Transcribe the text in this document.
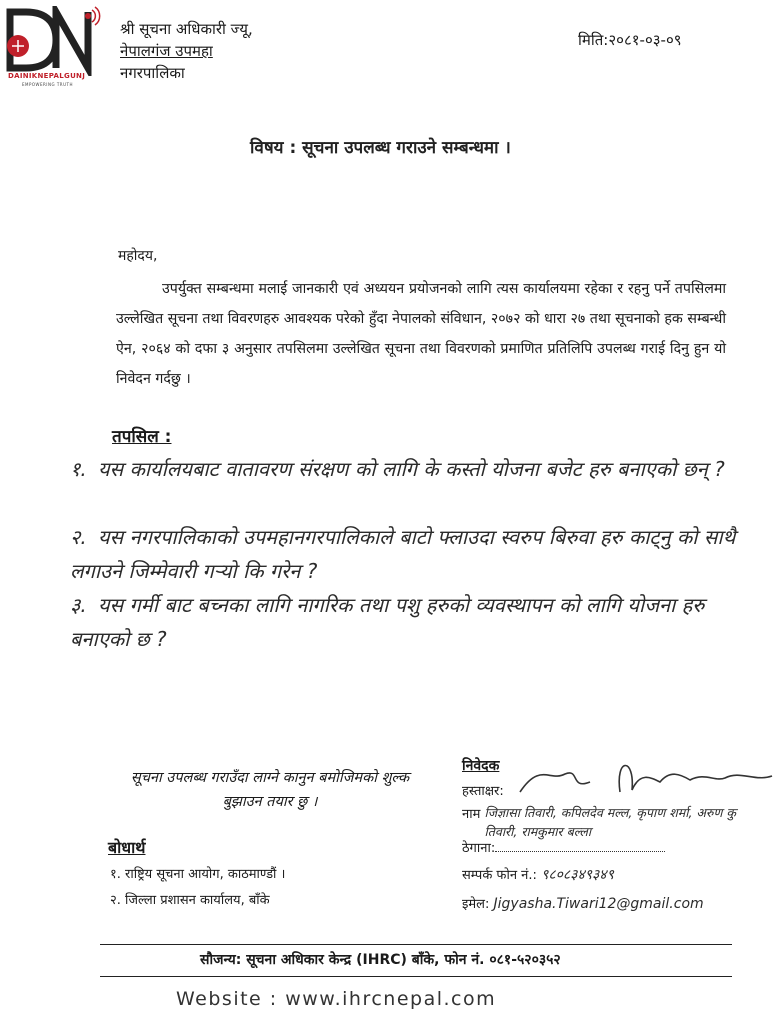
DAINIKNEPALGUNJ
EMPOWERING TRUTH
श्री सूचना अधिकारी ज्यू,
नेपालगंज उपमहा
नगरपालिका
मिति:२०८१-०३-०९
विषय : सूचना उपलब्ध गराउने सम्बन्धमा ।
महोदय,
उपर्युक्त सम्बन्धमा मलाई जानकारी एवं अध्ययन प्रयोजनको लागि त्यस कार्यालयमा रहेका र रहनु पर्ने तपसिलमा उल्लेखित सूचना तथा विवरणहरु आवश्यक परेको हुँदा नेपालको संविधान, २०७२ को धारा २७ तथा सूचनाको हक सम्बन्धी ऐन, २०६४ को दफा ३ अनुसार तपसिलमा उल्लेखित सूचना तथा विवरणको प्रमाणित प्रतिलिपि उपलब्ध गराई दिनु हुन यो निवेदन गर्दछु ।
तपसिल :
१. यस कार्यालयबाट वातावरण संरक्षण को लागि के कस्तो योजना बजेट हरु बनाएको छन् ?
२. यस नगरपालिकाको उपमहानगरपालिकाले बाटो फ्लाउदा स्वरुप बिरुवा हरु काट्नु को साथै लगाउने जिम्मेवारी गर्‍यो कि गरेन ?
३. यस गर्मी बाट बच्नका लागि नागरिक तथा पशु हरुको व्यवस्थापन को लागि योजना हरु बनाएको छ ?
सूचना उपलब्ध गराउँदा लाग्ने कानुन बमोजिमको शुल्क बुझाउन तयार छु ।
बोधार्थ
१. राष्ट्रिय सूचना आयोग, काठमाण्डौं ।
२. जिल्ला प्रशासन कार्यालय, बाँके
निवेदक
हस्ताक्षर:
नाम जिज्ञासा तिवारी, कपिलदेव मल्ल, कृपाण शर्मा, अरुण कु तिवारी, रामकुमार बल्ला
ठेगाना:
सम्पर्क फोन नं.: ९८०८३४९३४९
इमेल: Jigyasha.Tiwari12@gmail.com
सौजन्य: सूचना अधिकार केन्द्र (IHRC) बाँके, फोन नं. ०८१-५२०३५२
Website : www.ihrcnepal.com
